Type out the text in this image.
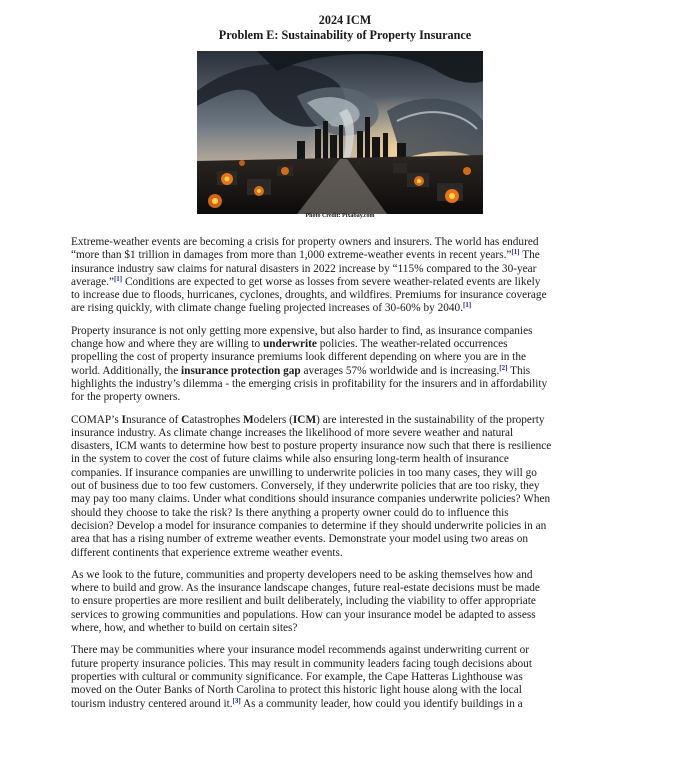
2024 ICM
Problem E: Sustainability of Property Insurance
Photo Credit: Pixabay.com
Extreme-weather events are becoming a crisis for property owners and insurers. The world has endured
“more than $1 trillion in damages from more than 1,000 extreme-weather events in recent years.”[1] The
insurance industry saw claims for natural disasters in 2022 increase by “115% compared to the 30-year
average.”[1] Conditions are expected to get worse as losses from severe weather-related events are likely
to increase due to floods, hurricanes, cyclones, droughts, and wildfires. Premiums for insurance coverage
are rising quickly, with climate change fueling projected increases of 30-60% by 2040.[1]
Property insurance is not only getting more expensive, but also harder to find, as insurance companies
change how and where they are willing to underwrite policies. The weather-related occurrences
propelling the cost of property insurance premiums look different depending on where you are in the
world. Additionally, the insurance protection gap averages 57% worldwide and is increasing.[2] This
highlights the industry’s dilemma - the emerging crisis in profitability for the insurers and in affordability
for the property owners.
COMAP’s Insurance of Catastrophes Modelers (ICM) are interested in the sustainability of the property
insurance industry. As climate change increases the likelihood of more severe weather and natural
disasters, ICM wants to determine how best to posture property insurance now such that there is resilience
in the system to cover the cost of future claims while also ensuring long-term health of insurance
companies. If insurance companies are unwilling to underwrite policies in too many cases, they will go
out of business due to too few customers. Conversely, if they underwrite policies that are too risky, they
may pay too many claims. Under what conditions should insurance companies underwrite policies? When
should they choose to take the risk? Is there anything a property owner could do to influence this
decision? Develop a model for insurance companies to determine if they should underwrite policies in an
area that has a rising number of extreme weather events. Demonstrate your model using two areas on
different continents that experience extreme weather events.
As we look to the future, communities and property developers need to be asking themselves how and
where to build and grow. As the insurance landscape changes, future real-estate decisions must be made
to ensure properties are more resilient and built deliberately, including the viability to offer appropriate
services to growing communities and populations. How can your insurance model be adapted to assess
where, how, and whether to build on certain sites?
There may be communities where your insurance model recommends against underwriting current or
future property insurance policies. This may result in community leaders facing tough decisions about
properties with cultural or community significance. For example, the Cape Hatteras Lighthouse was
moved on the Outer Banks of North Carolina to protect this historic light house along with the local
tourism industry centered around it.[3] As a community leader, how could you identify buildings in a
